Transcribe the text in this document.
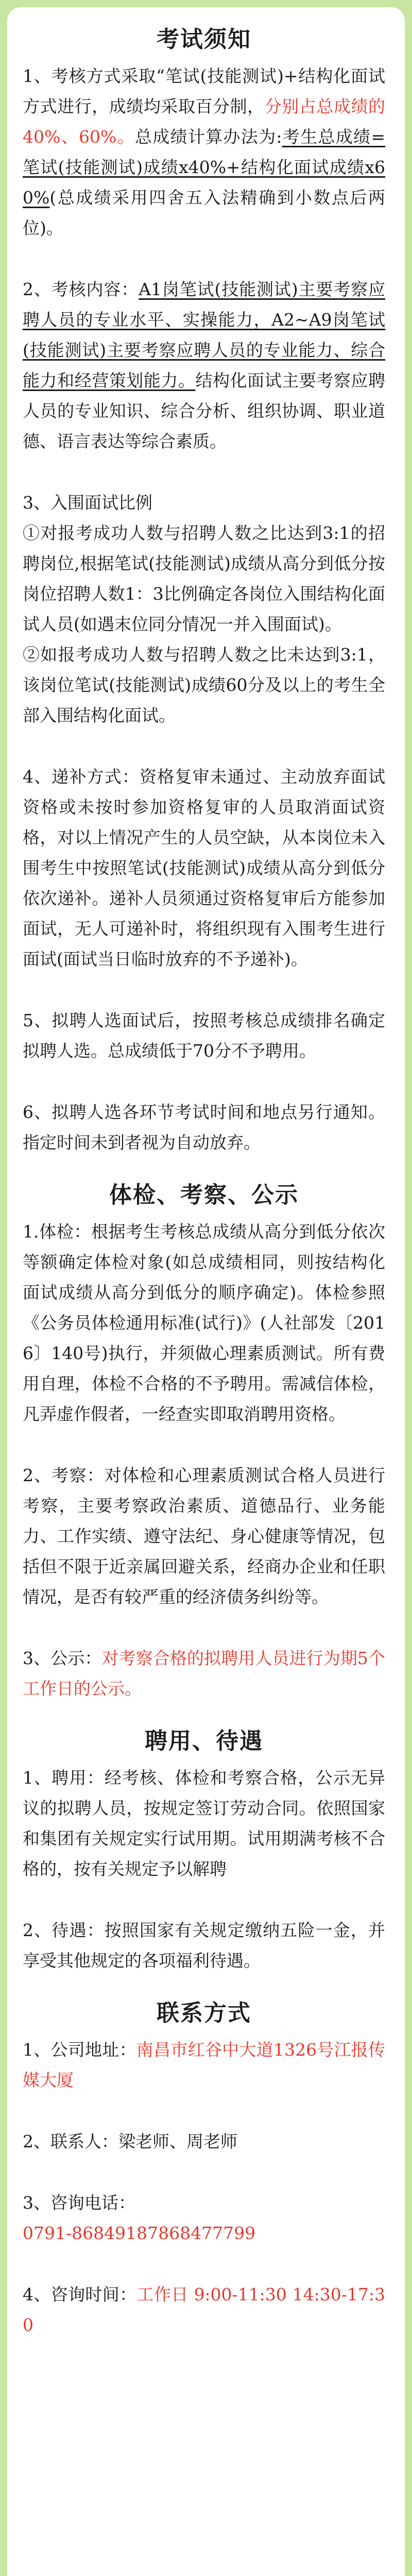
考试须知

1、考核方式采取“笔试(技能测试)+结构化面试方式进行，成绩均采取百分制，分别占总成绩的40%、60%。总成绩计算办法为:考生总成绩=笔试(技能测试)成绩x40%+结构化面试成绩x60%(总成绩采用四舍五入法精确到小数点后两位)。

2、考核内容：A1岗笔试(技能测试)主要考察应聘人员的专业水平、实操能力，A2~A9岗笔试(技能测试)主要考察应聘人员的专业能力、综合能力和经营策划能力。结构化面试主要考察应聘人员的专业知识、综合分析、组织协调、职业道德、语言表达等综合素质。

3、入围面试比例
①对报考成功人数与招聘人数之比达到3:1的招聘岗位,根据笔试(技能测试)成绩从高分到低分按岗位招聘人数1：3比例确定各岗位入围结构化面试人员(如遇末位同分情况一并入围面试)。
②如报考成功人数与招聘人数之比未达到3:1，该岗位笔试(技能测试)成绩60分及以上的考生全部入围结构化面试。

4、递补方式：资格复审未通过、主动放弃面试资格或未按时参加资格复审的人员取消面试资格，对以上情况产生的人员空缺，从本岗位未入围考生中按照笔试(技能测试)成绩从高分到低分依次递补。递补人员须通过资格复审后方能参加面试，无人可递补时，将组织现有入围考生进行面试(面试当日临时放弃的不予递补)。

5、拟聘人选面试后，按照考核总成绩排名确定拟聘人选。总成绩低于70分不予聘用。

6、拟聘人选各环节考试时间和地点另行通知。指定时间未到者视为自动放弃。

体检、考察、公示

1.体检：根据考生考核总成绩从高分到低分依次等额确定体检对象(如总成绩相同，则按结构化面试成绩从高分到低分的顺序确定)。体检参照《公务员体检通用标准(试行)》(人社部发〔2016〕140号)执行，并须做心理素质测试。所有费用自理，体检不合格的不予聘用。需减信体检，凡弄虚作假者，一经查实即取消聘用资格。

2、考察：对体检和心理素质测试合格人员进行考察，主要考察政治素质、道德品行、业务能力、工作实绩、遵守法纪、身心健康等情况，包括但不限于近亲属回避关系，经商办企业和任职情况，是否有较严重的经济债务纠纷等。

3、公示：对考察合格的拟聘用人员进行为期5个工作日的公示。

聘用、待遇

1、聘用：经考核、体检和考察合格，公示无异议的拟聘人员，按规定签订劳动合同。依照国家和集团有关规定实行试用期。试用期满考核不合格的，按有关规定予以解聘

2、待遇：按照国家有关规定缴纳五险一金，并享受其他规定的各项福利待遇。

联系方式

1、公司地址：南昌市红谷中大道1326号江报传媒大厦

2、联系人：梁老师、周老师

3、咨询电话：
0791-86849187868477799

4、咨询时间：工作日 9:00-11:30 14:30-17:30
